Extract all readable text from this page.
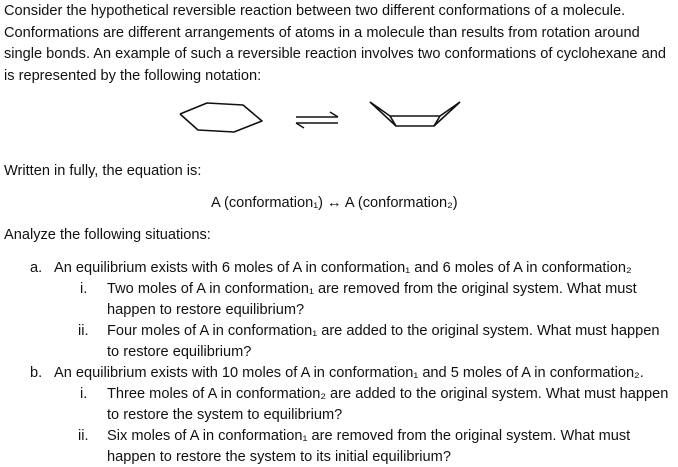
Consider the hypothetical reversible reaction between two different conformations of a molecule. Conformations are different arrangements of atoms in a molecule than results from rotation around single bonds. An example of such a reversible reaction involves two conformations of cyclohexane and is represented by the following notation:
Written in fully, the equation is:
A (conformation₁) ↔ A (conformation₂)
Analyze the following situations:
a. An equilibrium exists with 6 moles of A in conformation₁ and 6 moles of A in conformation₂
i. Two moles of A in conformation₁ are removed from the original system. What must
happen to restore equilibrium?
ii. Four moles of A in conformation₁ are added to the original system. What must happen
to restore equilibrium?
b. An equilibrium exists with 10 moles of A in conformation₁ and 5 moles of A in conformation₂.
i. Three moles of A in conformation₂ are added to the original system. What must happen
to restore the system to equilibrium?
ii. Six moles of A in conformation₁ are removed from the original system. What must
happen to restore the system to its initial equilibrium?
